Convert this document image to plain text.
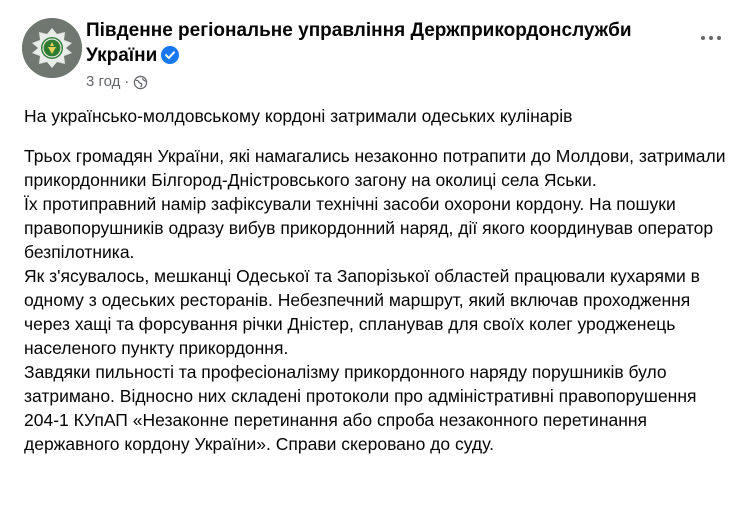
Південне регіональне управління Держприкордонслужби України
3 год ·

На українсько-молдовському кордоні затримали одеських кулінарів

Трьох громадян України, які намагались незаконно потрапити до Молдови, затримали прикордонники Білгород-Дністровського загону на околиці села Яськи.

Їх протиправний намір зафіксували технічні засоби охорони кордону. На пошуки правопорушників одразу вибув прикордонний наряд, дії якого координував оператор безпілотника.

Як з'ясувалось, мешканці Одеської та Запорізької областей працювали кухарями в одному з одеських ресторанів. Небезпечний маршрут, який включав проходження через хащі та форсування річки Дністер, спланував для своїх колег уродженець населеного пункту прикордоння.

Завдяки пильності та професіоналізму прикордонного наряду порушників було затримано. Відносно них складені протоколи про адміністративні правопорушення 204-1 КУпАП «Незаконне перетинання або спроба незаконного перетинання державного кордону України». Справи скеровано до суду.
